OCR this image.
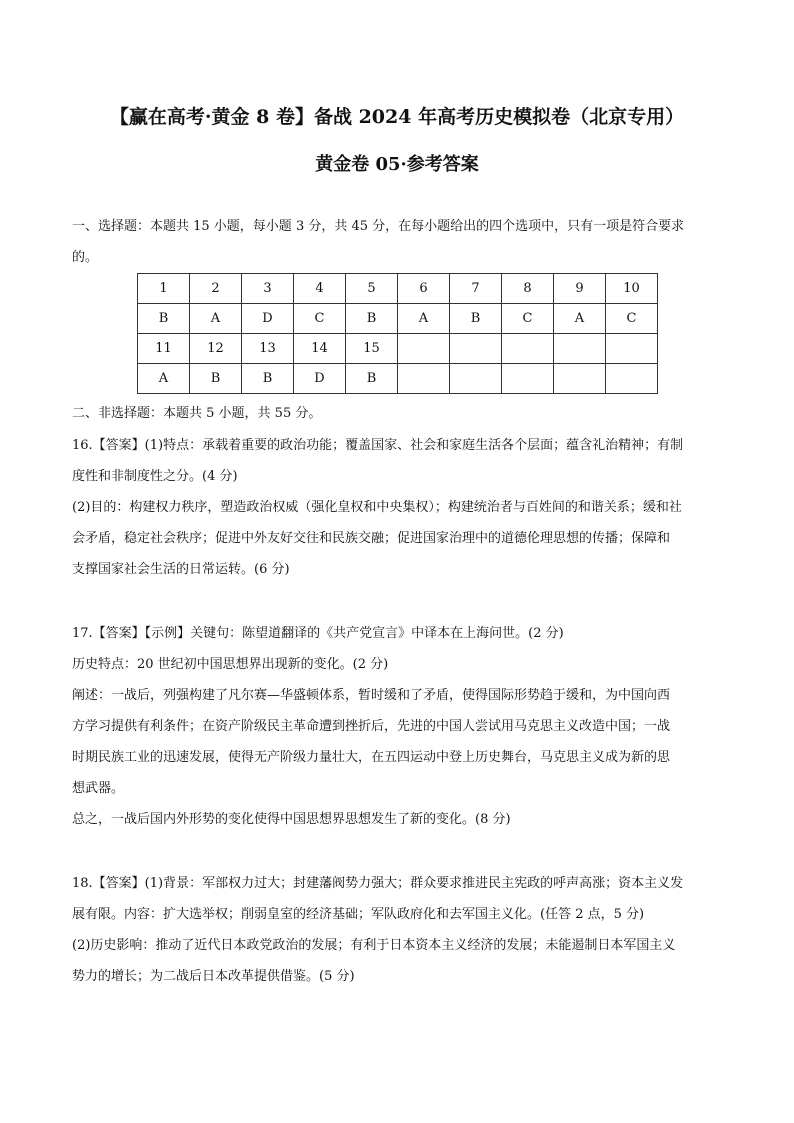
【赢在高考·黄金 8 卷】备战 2024 年高考历史模拟卷（北京专用）
黄金卷 05·参考答案
一、选择题：本题共 15 小题，每小题 3 分，共 45 分，在每小题给出的四个选项中，只有一项是符合要求
的。
1	2	3	4	5	6	7	8	9	10
B	A	D	C	B	A	B	C	A	C
11	12	13	14	15					
A	B	B	D	B					
二、非选择题：本题共 5 小题，共 55 分。
16.【答案】(1)特点：承载着重要的政治功能；覆盖国家、社会和家庭生活各个层面；蕴含礼治精神；有制
度性和非制度性之分。(4 分)
(2)目的：构建权力秩序，塑造政治权威（强化皇权和中央集权）；构建统治者与百姓间的和谐关系；缓和社
会矛盾，稳定社会秩序；促进中外友好交往和民族交融；促进国家治理中的道德伦理思想的传播；保障和
支撑国家社会生活的日常运转。(6 分)
17.【答案】【示例】关键句：陈望道翻译的《共产党宣言》中译本在上海问世。(2 分)
历史特点：20 世纪初中国思想界出现新的变化。(2 分)
阐述：一战后，列强构建了凡尔赛—华盛顿体系，暂时缓和了矛盾，使得国际形势趋于缓和，为中国向西
方学习提供有利条件；在资产阶级民主革命遭到挫折后，先进的中国人尝试用马克思主义改造中国；一战
时期民族工业的迅速发展，使得无产阶级力量壮大，在五四运动中登上历史舞台，马克思主义成为新的思
想武器。
总之，一战后国内外形势的变化使得中国思想界思想发生了新的变化。(8 分)
18.【答案】(1)背景：军部权力过大；封建藩阀势力强大；群众要求推进民主宪政的呼声高涨；资本主义发
展有限。内容：扩大选举权；削弱皇室的经济基础；军队政府化和去军国主义化。(任答 2 点，5 分)
(2)历史影响：推动了近代日本政党政治的发展；有利于日本资本主义经济的发展；未能遏制日本军国主义
势力的增长；为二战后日本改革提供借鉴。(5 分)
